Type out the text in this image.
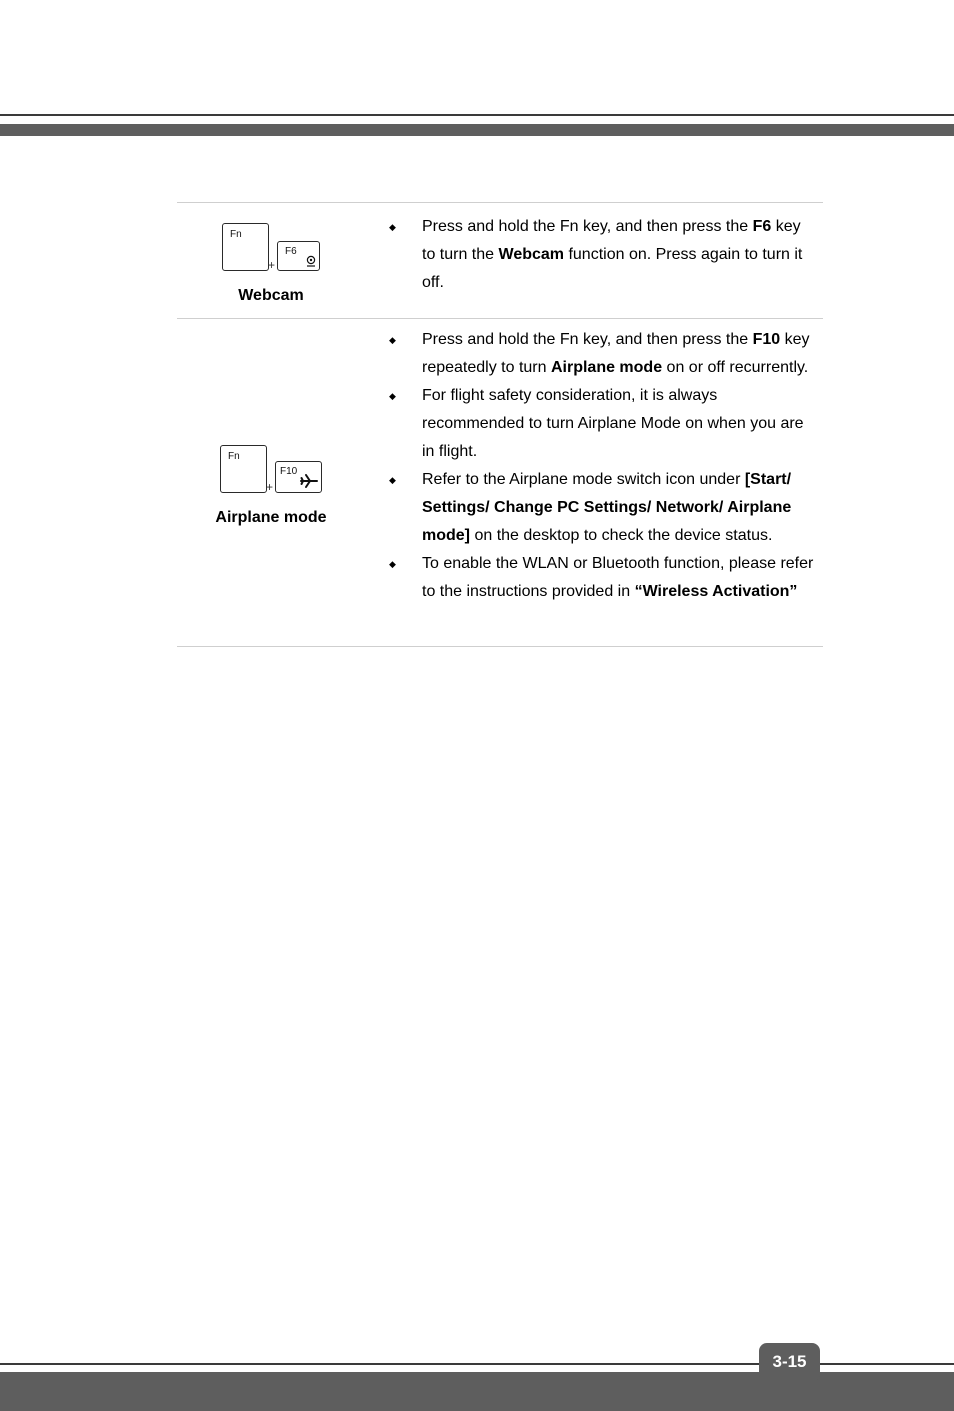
Fn
+
F6
Webcam
◆ Press and hold the Fn key, and then press the F6 key to turn the Webcam function on. Press again to turn it off.
Fn
+
F10
Airplane mode
◆ Press and hold the Fn key, and then press the F10 key repeatedly to turn Airplane mode on or off recurrently.
◆ For flight safety consideration, it is always recommended to turn Airplane Mode on when you are in flight.
◆ Refer to the Airplane mode switch icon under [Start/ Settings/ Change PC Settings/ Network/ Airplane mode] on the desktop to check the device status.
◆ To enable the WLAN or Bluetooth function, please refer to the instructions provided in “Wireless Activation”
3-15
